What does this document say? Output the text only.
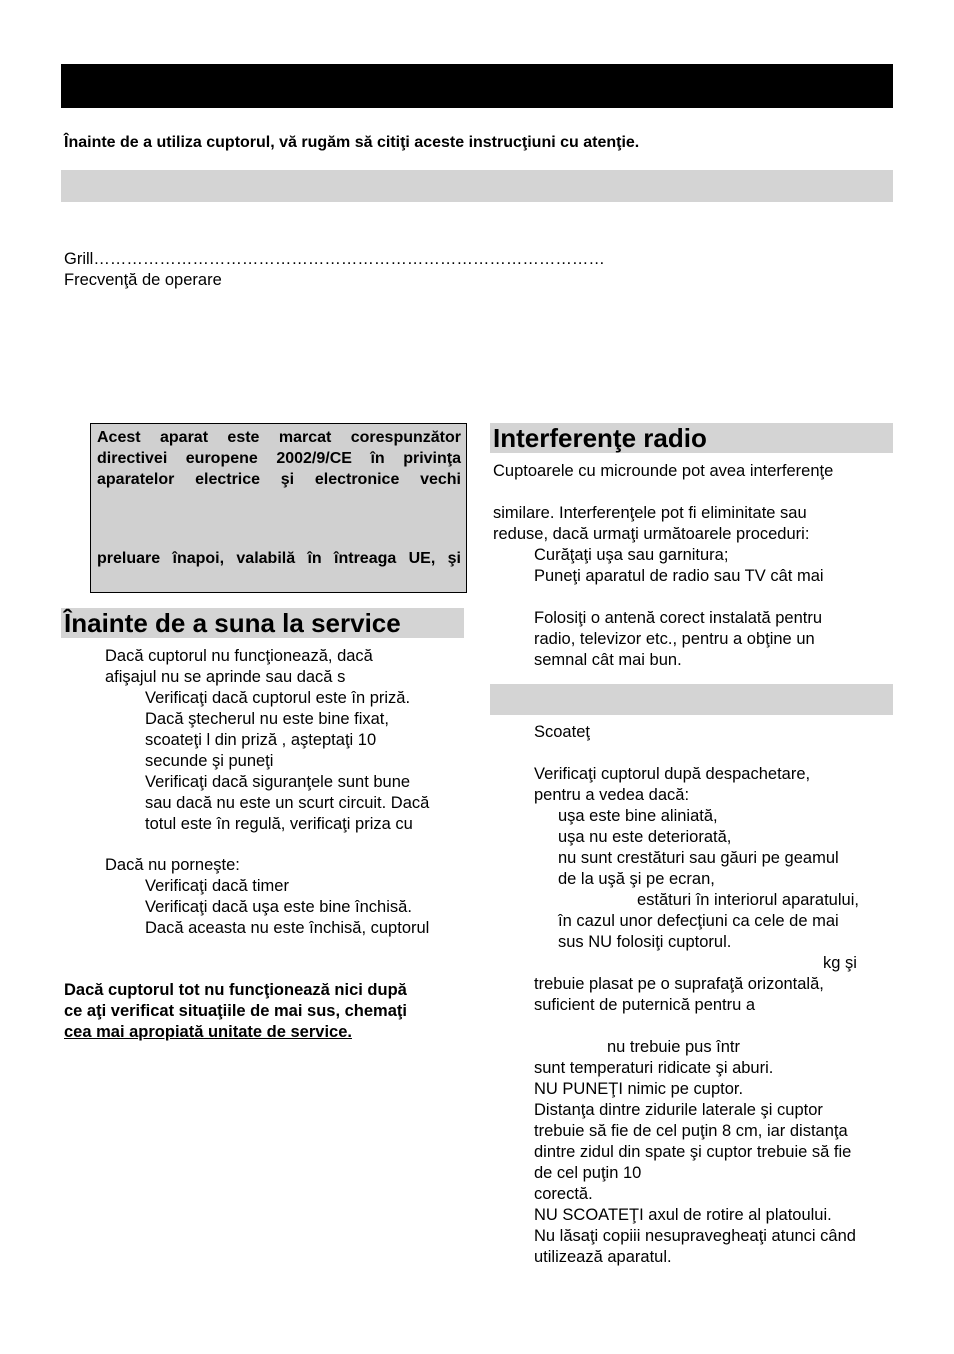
Înainte de a utiliza cuptorul, vă rugăm să citiţi aceste instrucţiuni cu atenţie.
Grill…………………………………………………………………………………
Frecvenţă de operare
Acest aparat este marcat corespunzător
directivei europene 2002/9/CE în privinţa
aparatelor electrice şi electronice vechi
preluare înapoi, valabilă în întreaga UE, şi
Înainte de a suna la service
Dacă cuptorul nu funcţionează, dacă
afişajul nu se aprinde sau dacă s
Verificaţi dacă cuptorul este în priză.
Dacă ştecherul nu este bine fixat,
scoateţi l din priză , aşteptaţi 10
secunde şi puneţi
Verificaţi dacă siguranţele sunt bune
sau dacă nu este un scurt circuit. Dacă
totul este în regulă, verificaţi priza cu
Dacă nu porneşte:
Verificaţi dacă timer
Verificaţi dacă uşa este bine închisă.
Dacă aceasta nu este închisă, cuptorul
Dacă cuptorul tot nu funcţionează nici după
ce aţi verificat situaţiile de mai sus, chemaţi
cea mai apropiată unitate de service.
Interferenţe radio
Cuptoarele cu microunde pot avea interferenţe
similare. Interferenţele pot fi eliminitate sau
reduse, dacă urmaţi următoarele proceduri:
Curăţaţi uşa sau garnitura;
Puneţi aparatul de radio sau TV cât mai
Folosiţi o antenă corect instalată pentru
radio, televizor etc., pentru a obţine un
semnal cât mai bun.
Scoateţ
Verificaţi cuptorul după despachetare,
pentru a vedea dacă:
uşa este bine aliniată,
uşa nu este deteriorată,
nu sunt crestături sau găuri pe geamul
de la uşă şi pe ecran,
estături în interiorul aparatului,
în cazul unor defecţiuni ca cele de mai
sus NU folosiţi cuptorul.
kg şi
trebuie plasat pe o suprafaţă orizontală,
suficient de puternică pentru a
nu trebuie pus într
sunt temperaturi ridicate şi aburi.
NU PUNEŢI nimic pe cuptor.
Distanţa dintre zidurile laterale şi cuptor
trebuie să fie de cel puţin 8 cm, iar distanţa
dintre zidul din spate şi cuptor trebuie să fie
de cel puţin 10
corectă.
NU SCOATEŢI axul de rotire al platoului.
Nu lăsaţi copiii nesupravegheaţi atunci când
utilizează aparatul.
